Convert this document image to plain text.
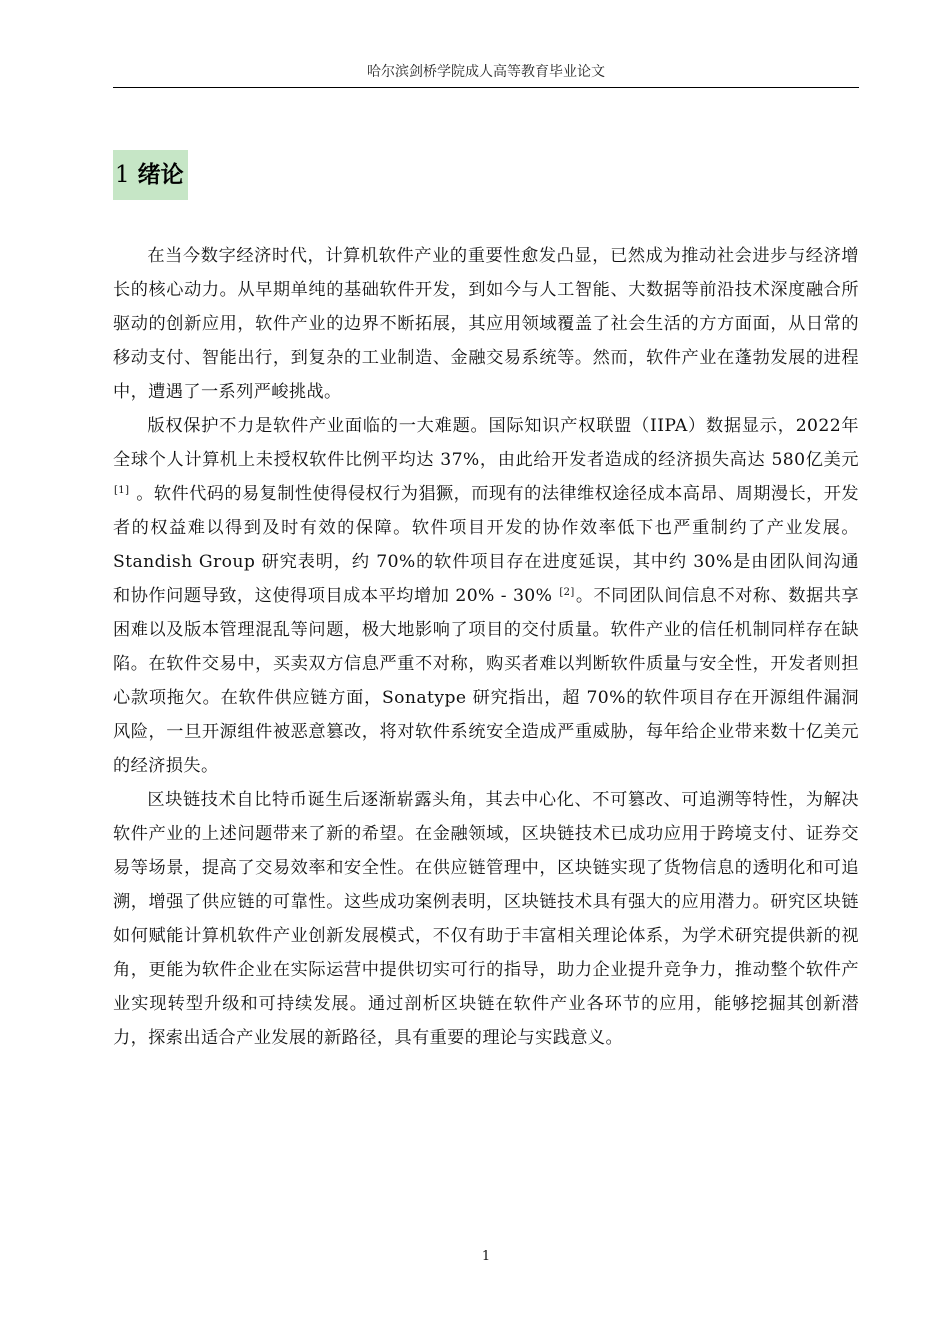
哈尔滨剑桥学院成人高等教育毕业论文
1 绪论

在当今数字经济时代，计算机软件产业的重要性愈发凸显，已然成为推动社会进步与经济增长的核心动力。从早期单纯的基础软件开发，到如今与人工智能、大数据等前沿技术深度融合所驱动的创新应用，软件产业的边界不断拓展，其应用领域覆盖了社会生活的方方面面，从日常的移动支付、智能出行，到复杂的工业制造、金融交易系统等。然而，软件产业在蓬勃发展的进程中，遭遇了一系列严峻挑战。

版权保护不力是软件产业面临的一大难题。国际知识产权联盟（IIPA）数据显示，2022年全球个人计算机上未授权软件比例平均达 37%，由此给开发者造成的经济损失高达 580亿美元[1] 。软件代码的易复制性使得侵权行为猖獗，而现有的法律维权途径成本高昂、周期漫长，开发者的权益难以得到及时有效的保障。软件项目开发的协作效率低下也严重制约了产业发展。Standish Group 研究表明，约 70%的软件项目存在进度延误，其中约 30%是由团队间沟通和协作问题导致，这使得项目成本平均增加 20% - 30% [2]。不同团队间信息不对称、数据共享困难以及版本管理混乱等问题，极大地影响了项目的交付质量。软件产业的信任机制同样存在缺陷。在软件交易中，买卖双方信息严重不对称，购买者难以判断软件质量与安全性，开发者则担心款项拖欠。在软件供应链方面，Sonatype 研究指出，超 70%的软件项目存在开源组件漏洞风险，一旦开源组件被恶意篡改，将对软件系统安全造成严重威胁，每年给企业带来数十亿美元的经济损失。

区块链技术自比特币诞生后逐渐崭露头角，其去中心化、不可篡改、可追溯等特性，为解决软件产业的上述问题带来了新的希望。在金融领域，区块链技术已成功应用于跨境支付、证券交易等场景，提高了交易效率和安全性。在供应链管理中，区块链实现了货物信息的透明化和可追溯，增强了供应链的可靠性。这些成功案例表明，区块链技术具有强大的应用潜力。研究区块链如何赋能计算机软件产业创新发展模式，不仅有助于丰富相关理论体系，为学术研究提供新的视角，更能为软件企业在实际运营中提供切实可行的指导，助力企业提升竞争力，推动整个软件产业实现转型升级和可持续发展。通过剖析区块链在软件产业各环节的应用，能够挖掘其创新潜力，探索出适合产业发展的新路径，具有重要的理论与实践意义。

1
